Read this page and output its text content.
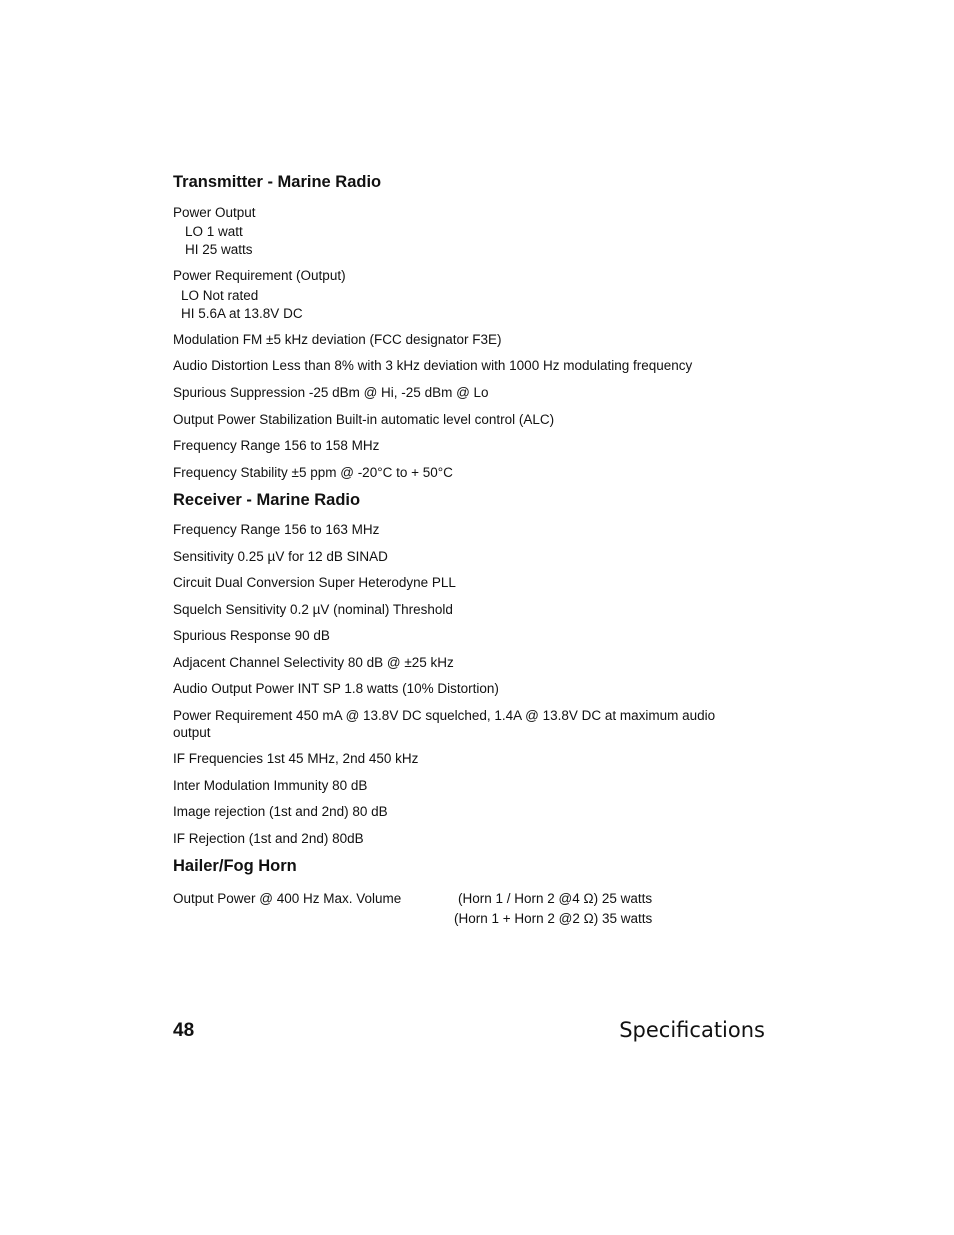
Transmitter - Marine Radio
Power Output
LO 1 watt
HI 25 watts
Power Requirement (Output)
LO Not rated
HI 5.6A at 13.8V DC
Modulation FM ±5 kHz deviation (FCC designator F3E)
Audio Distortion Less than 8% with 3 kHz deviation with 1000 Hz modulating frequency
Spurious Suppression -25 dBm @ Hi, -25 dBm @ Lo
Output Power Stabilization Built-in automatic level control (ALC)
Frequency Range 156 to 158 MHz
Frequency Stability ±5 ppm @ -20°C to + 50°C
Receiver - Marine Radio
Frequency Range 156 to 163 MHz
Sensitivity 0.25 µV for 12 dB SINAD
Circuit Dual Conversion Super Heterodyne PLL
Squelch Sensitivity 0.2 µV (nominal) Threshold
Spurious Response 90 dB
Adjacent Channel Selectivity 80 dB @ ±25 kHz
Audio Output Power INT SP 1.8 watts (10% Distortion)
Power Requirement 450 mA @ 13.8V DC squelched, 1.4A @ 13.8V DC at maximum audio output
IF Frequencies 1st 45 MHz, 2nd 450 kHz
Inter Modulation Immunity 80 dB
Image rejection (1st and 2nd) 80 dB
IF Rejection (1st and 2nd) 80dB
Hailer/Fog Horn
Output Power @ 400 Hz Max. Volume	(Horn 1 / Horn 2 @4 Ω) 25 watts
(Horn 1 + Horn 2 @2 Ω) 35 watts
48	Specifications
